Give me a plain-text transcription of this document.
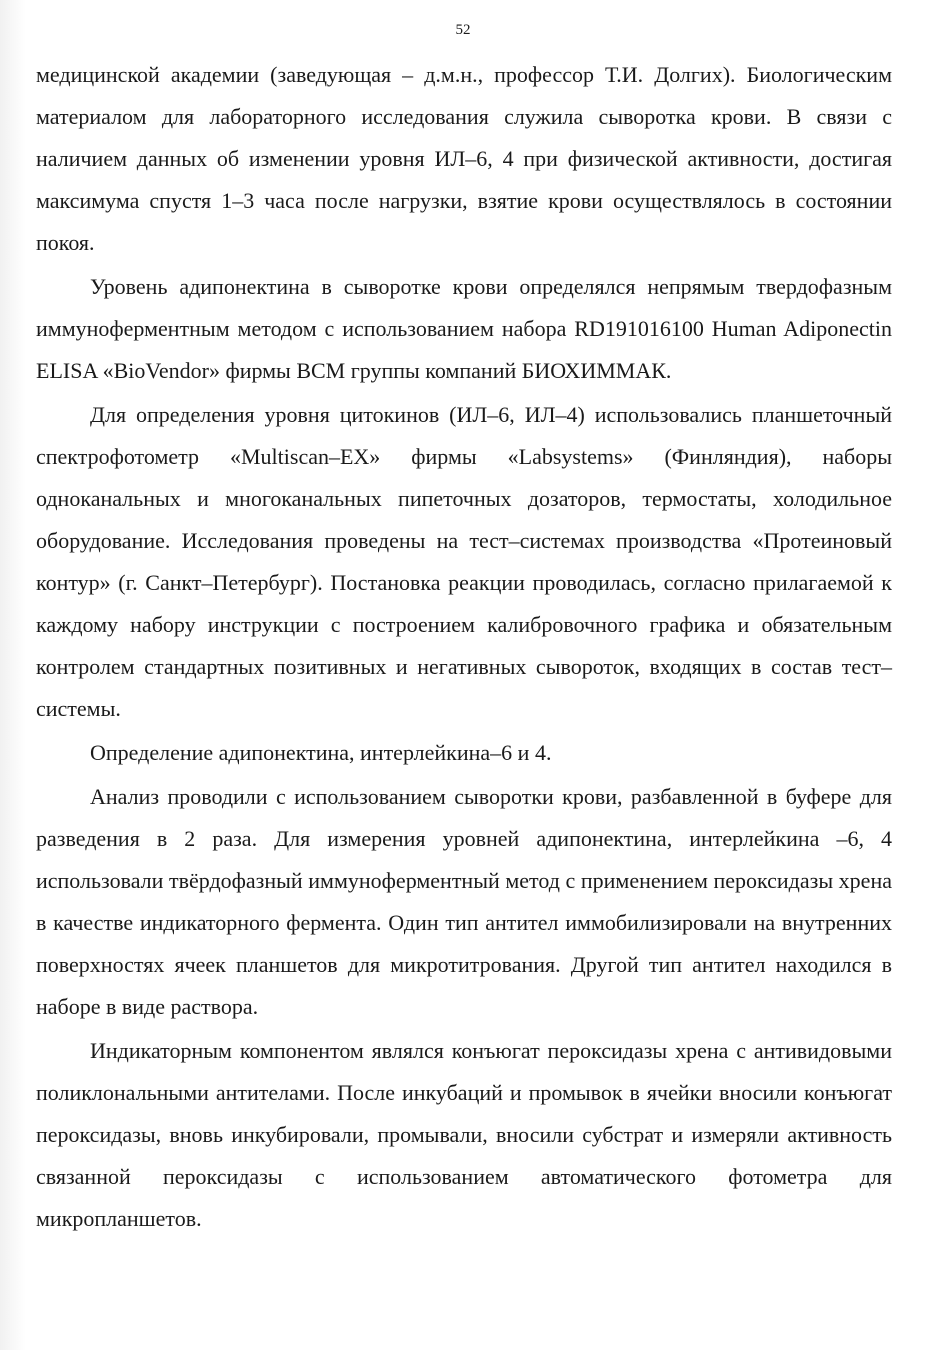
52

медицинской академии (заведующая – д.м.н., профессор Т.И. Долгих). Биологическим материалом для лабораторного исследования служила сыворотка крови. В связи с наличием данных об изменении уровня ИЛ–6, 4 при физической активности, достигая максимума спустя 1–3 часа после нагрузки, взятие крови осуществлялось в состоянии покоя.

Уровень адипонектина в сыворотке крови определялся непрямым твердофазным иммуноферментным методом с использованием набора RD191016100 Human Adiponectin ELISA «BioVendor» фирмы ВСМ группы компаний БИОХИММАК.

Для определения уровня цитокинов (ИЛ–6, ИЛ–4) использовались планшеточный спектрофотометр «Multiscan–EX» фирмы «Labsystems» (Финляндия), наборы одноканальных и многоканальных пипеточных дозаторов, термостаты, холодильное оборудование. Исследования проведены на тест–системах производства «Протеиновый контур» (г. Санкт–Петербург). Постановка реакции проводилась, согласно прилагаемой к каждому набору инструкции с построением калибровочного графика и обязательным контролем стандартных позитивных и негативных сывороток, входящих в состав тест–системы.

Определение адипонектина, интерлейкина–6 и 4.

Анализ проводили с использованием сыворотки крови, разбавленной в буфере для разведения в 2 раза. Для измерения уровней адипонектина, интерлейкина –6, 4 использовали твёрдофазный иммуноферментный метод с применением пероксидазы хрена в качестве индикаторного фермента. Один тип антител иммобилизировали на внутренних поверхностях ячеек планшетов для микротитрования. Другой тип антител находился в наборе в виде раствора.

Индикаторным компонентом являлся конъюгат пероксидазы хрена с антивидовыми поликлональными антителами. После инкубаций и промывок в ячейки вносили конъюгат пероксидазы, вновь инкубировали, промывали, вносили субстрат и измеряли активность связанной пероксидазы с использованием автоматического фотометра для микропланшетов.
